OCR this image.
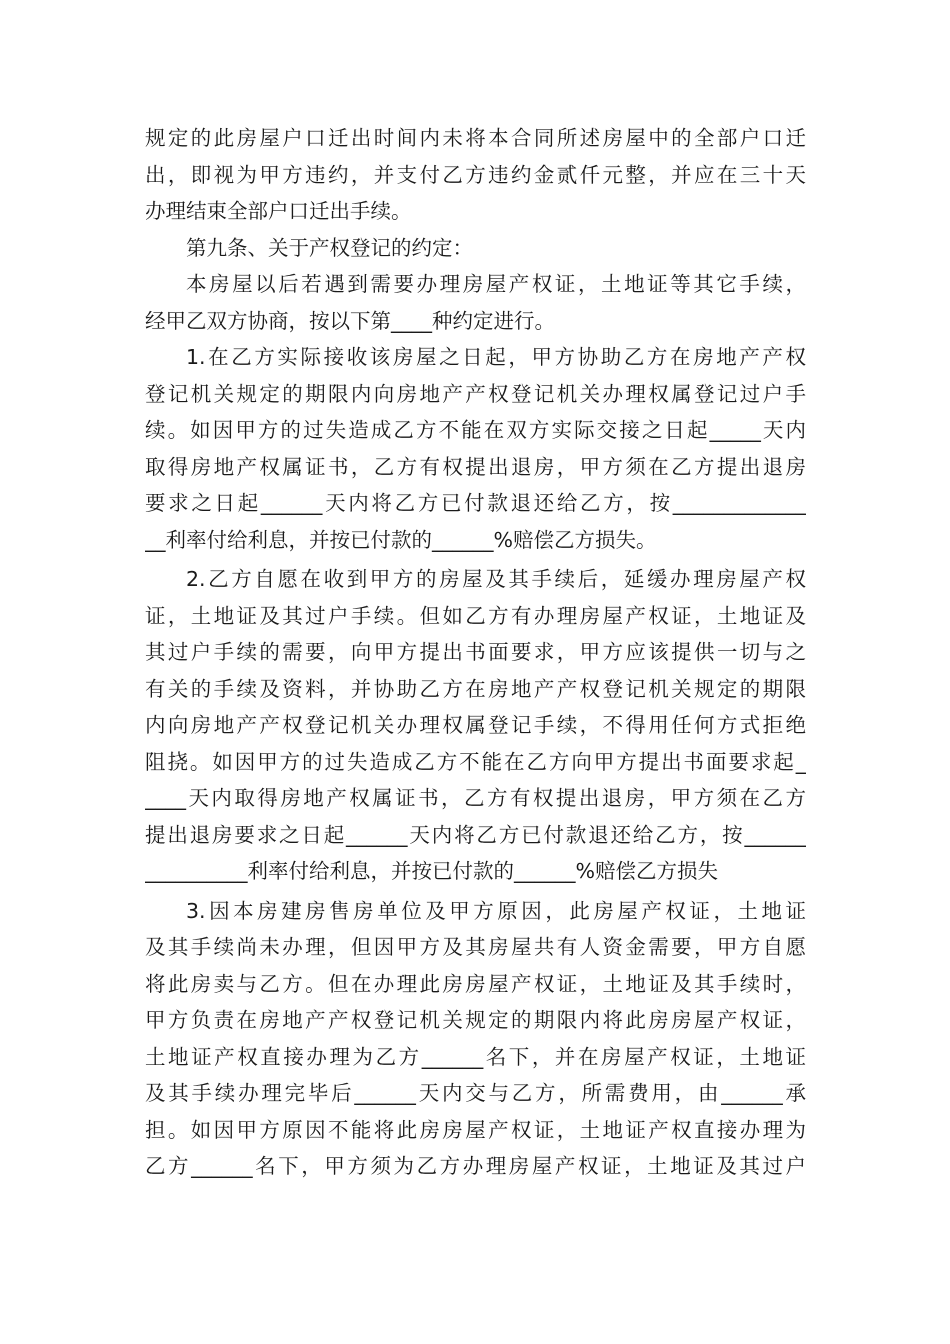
规定的此房屋户口迁出时间内未将本合同所述房屋中的全部户口迁
出，即视为甲方违约，并支付乙方违约金贰仟元整，并应在三十天
办理结束全部户口迁出手续。
第九条、关于产权登记的约定：
本房屋以后若遇到需要办理房屋产权证，土地证等其它手续，
经甲乙双方协商，按以下第____种约定进行。
1.在乙方实际接收该房屋之日起，甲方协助乙方在房地产产权
登记机关规定的期限内向房地产产权登记机关办理权属登记过户手
续。如因甲方的过失造成乙方不能在双方实际交接之日起_____天内
取得房地产权属证书，乙方有权提出退房，甲方须在乙方提出退房
要求之日起______天内将乙方已付款退还给乙方，按_____________
__利率付给利息，并按已付款的______%赔偿乙方损失。
2.乙方自愿在收到甲方的房屋及其手续后，延缓办理房屋产权
证，土地证及其过户手续。但如乙方有办理房屋产权证，土地证及
其过户手续的需要，向甲方提出书面要求，甲方应该提供一切与之
有关的手续及资料，并协助乙方在房地产产权登记机关规定的期限
内向房地产产权登记机关办理权属登记手续，不得用任何方式拒绝
阻挠。如因甲方的过失造成乙方不能在乙方向甲方提出书面要求起_
____天内取得房地产权属证书，乙方有权提出退房，甲方须在乙方
提出退房要求之日起______天内将乙方已付款退还给乙方，按______
__________利率付给利息，并按已付款的______%赔偿乙方损失
3.因本房建房售房单位及甲方原因，此房屋产权证，土地证
及其手续尚未办理，但因甲方及其房屋共有人资金需要，甲方自愿
将此房卖与乙方。但在办理此房房屋产权证，土地证及其手续时，
甲方负责在房地产产权登记机关规定的期限内将此房房屋产权证，
土地证产权直接办理为乙方______名下，并在房屋产权证，土地证
及其手续办理完毕后______天内交与乙方，所需费用，由______承
担。如因甲方原因不能将此房房屋产权证，土地证产权直接办理为
乙方______名下，甲方须为乙方办理房屋产权证，土地证及其过户
